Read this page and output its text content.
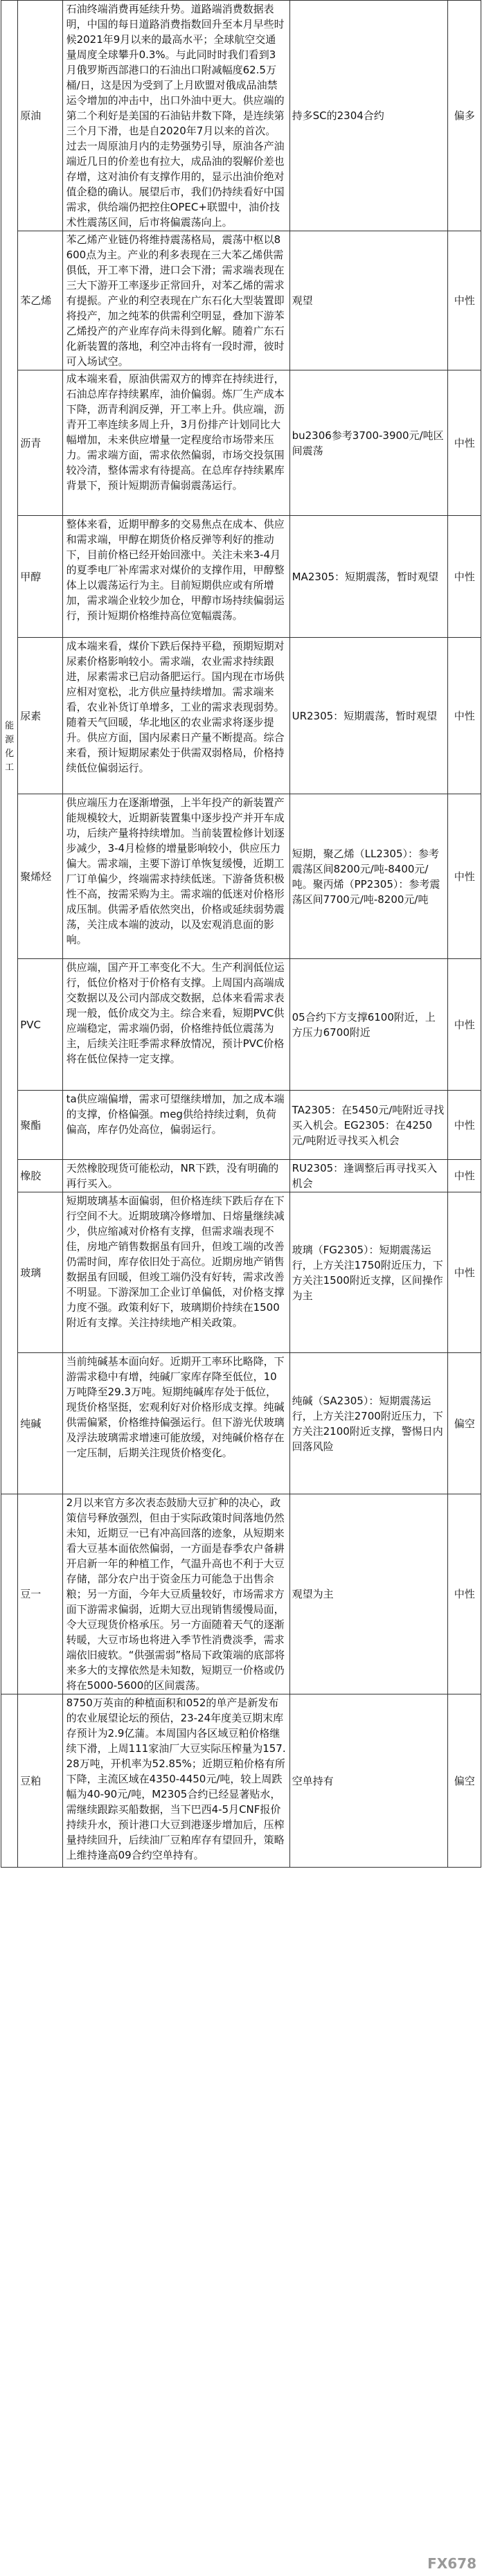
能源化工	原油	石油终端消费再延续升势。道路端消费数据表明，中国的每日道路消费指数回升至本月早些时候2021年9月以来的最高水平；全球航空交通量周度全球攀升0.3%。与此同时时我们看到3月俄罗斯西部港口的石油出口附减幅度62.5万桶/日，这是因为受到了上月欧盟对俄成品油禁运令增加的冲击中，出口外油中更大。供应端的第二个利好是美国的石油钻井数下降，是连续第三个月下滑，也是自2020年7月以来的首次。过去一周原油月内的走势强势引导，原油各产油端近几日的价差也有拉大，成品油的裂解价差也存增，这对油价有支撑作用的，显示出油价绝对值企稳的确认。展望后市，我们仍持续看好中国需求，供给端仍把控住OPEC+联盟中，油价技术性震荡区间，后市将偏震荡向上。	持多SC的2304合约	偏多
	苯乙烯	苯乙烯产业链仍将维持震荡格局，震荡中枢以8600点为主。产业的利多表现在三大苯乙烯供需俱低，开工率下滑，进口会下滑；需求端表现在三大下游开工率逐步正常回升，对苯乙烯的需求有提振。产业的利空表现在广东石化大型装置即将投产，加之纯苯的供需利空明显，叠加下游苯乙烯投产的产业库存尚未得到化解。随着广东石化新装置的落地，利空冲击将有一段时滞，彼时可入场试空。	观望	中性
	沥青	成本端来看，原油供需双方的博弈在持续进行，石油总库存持续累库，油价偏弱。炼厂生产成本下降，沥青利润反弹，开工率上升。供应端，沥青开工率连续多周上升，3月份排产计划同比大幅增加，未来供应增量一定程度给市场带来压力。需求端方面，需求依然偏弱，市场交投氛围较冷清，整体需求有待提高。在总库存持续累库背景下，预计短期沥青偏弱震荡运行。	bu2306参考3700-3900元/吨区间震荡	中性
	甲醇	整体来看，近期甲醇多的交易焦点在成本、供应和需求端，甲醇在期货价格反弹等利好的推动下，目前价格已经开始回涨中。关注未来3-4月的夏季电厂补库需求对煤价的支撑作用，甲醇整体上以震荡运行为主。目前短期供应或有所增加，需求端企业较少加仓，甲醇市场持续偏弱运行，预计短期价格维持高位宽幅震荡。	MA2305：短期震荡，暂时观望	中性
	尿素	成本端来看，煤价下跌后保持平稳，预期短期对尿素价格影响较小。需求端，农业需求持续跟进，尿素需求已启动备肥运行。国内现在市场供应相对宽松，北方供应量持续增加。需求端来看，农业补货订单增多，工业的需求表现弱势。随着天气回暖，华北地区的农业需求将逐步提升。供应方面，国内尿素日产量不断提高。综合来看，预计短期尿素处于供需双弱格局，价格持续低位偏弱运行。	UR2305：短期震荡，暂时观望	中性
	聚烯烃	供应端压力在逐渐增强，上半年投产的新装置产能规模较大，近期新装置集中逐步投产并开车成功，后续产量将持续增加。当前装置检修计划逐步减少，3-4月检修的增量影响较小，供应压力偏大。需求端，主要下游订单恢复缓慢，近期工厂订单偏少，终端需求持续低迷。下游备货积极性不高，按需采购为主。需求端的低迷对价格形成压制。供需矛盾依然突出，价格或延续弱势震荡，关注成本端的波动，以及宏观消息面的影响。	短期，聚乙烯（LL2305）：参考震荡区间8200元/吨-8400元/吨。聚丙烯（PP2305）：参考震荡区间7700元/吨-8200元/吨	中性
	PVC	供应端，国产开工率变化不大。生产利润低位运行，低位价格对于价格有支撑。上周国内高端成交数据以及公司内部成交数据，总体来看需求表现一般，低价成交为主。综合来看，短期PVC供应端稳定，需求端仍弱，价格维持低位震荡为主，后续关注旺季需求释放情况，预计PVC价格将在低位保持一定支撑。	05合约下方支撑6100附近，上方压力6700附近	中性
	聚酯	ta供应端偏增，需求可望继续增加，加之成本端的支撑，价格偏强。meg供给持续过剩，负荷偏高，库存仍处高位，偏弱运行。	TA2305：在5450元/吨附近寻找买入机会。EG2305：在4250元/吨附近寻找买入机会	中性
	橡胶	天然橡胶现货可能松动，NR下跌，没有明确的再行买入。	RU2305：逢调整后再寻找买入机会	中性
	玻璃	短期玻璃基本面偏弱，但价格连续下跌后存在下行空间不大。近期玻璃冷修增加、日熔量继续减少，供应缩减对价格有支撑，但需求端表现不佳，房地产销售数据虽有回升，但竣工端的改善仍需时间，库存依旧处于高位。近期房地产销售数据虽有回暖，但竣工端仍没有好转，需求改善不明显。下游深加工企业订单偏低，对价格支撑力度不强。政策利好下，玻璃期价持续在1500附近有支撑。关注持续地产相关政策。	玻璃（FG2305）：短期震荡运行，上方关注1750附近压力，下方关注1500附近支撑，区间操作为主	中性
	纯碱	当前纯碱基本面向好。近期开工率环比略降，下游需求稳中有增，纯碱厂家库存降至低位，10万吨降至29.3万吨。短期纯碱库存处于低位，现货价格坚挺，宏观利好对价格形成支撑。纯碱供需偏紧，价格维持偏强运行。但下游光伏玻璃及浮法玻璃需求增速可能放缓，对纯碱价格存在一定压制，后期关注现货价格变化。	纯碱（SA2305）：短期震荡运行，上方关注2700附近压力，下方关注2100附近支撑，警惕日内回落风险	偏空
	豆一	2月以来官方多次表态鼓励大豆扩种的决心，政策信号释放强烈，但由于实际政策时间落地仍然未知，近期豆一已有冲高回落的迹象，从短期来看大豆基本面依然偏弱，一方面是春季农户备耕开启新一年的种植工作，气温升高也不利于大豆存储，部分农户出于资金压力可能急于出售余粮；另一方面，今年大豆质量较好，市场需求方面下游需求偏弱，近期大豆出现销售缓慢局面，令大豆现货价格承压。另一方面随着天气的逐渐转暖，大豆市场也将进入季节性消费淡季，需求端依旧疲软。“供强需弱”格局下政策端的底部将来多大的支撑依然是未知数，短期豆一价格或仍将在5000-5600的区间震荡。	观望为主	中性
	豆粕	8750万英亩的种植面积和052的单产是新发布的农业展望论坛的预估，23-24年度美豆期末库存预计为2.9亿蒲。本周国内各区域豆粕价格继续下滑，上周111家油厂大豆实际压榨量为157.28万吨，开机率为52.85%；近期豆粕价格有所下降，主流区域在4350-4450元/吨，较上周跌幅为40-90元/吨，M2305合约已经显著贴水，需继续跟踪买船数据，当下巴西4-5月CNF报价持续升水，预计港口大豆到港逐步增加后，压榨量持续回升，后续油厂豆粕库存有望回升，策略上维持逢高09合约空单持有。	空单持有	偏空
FX678
